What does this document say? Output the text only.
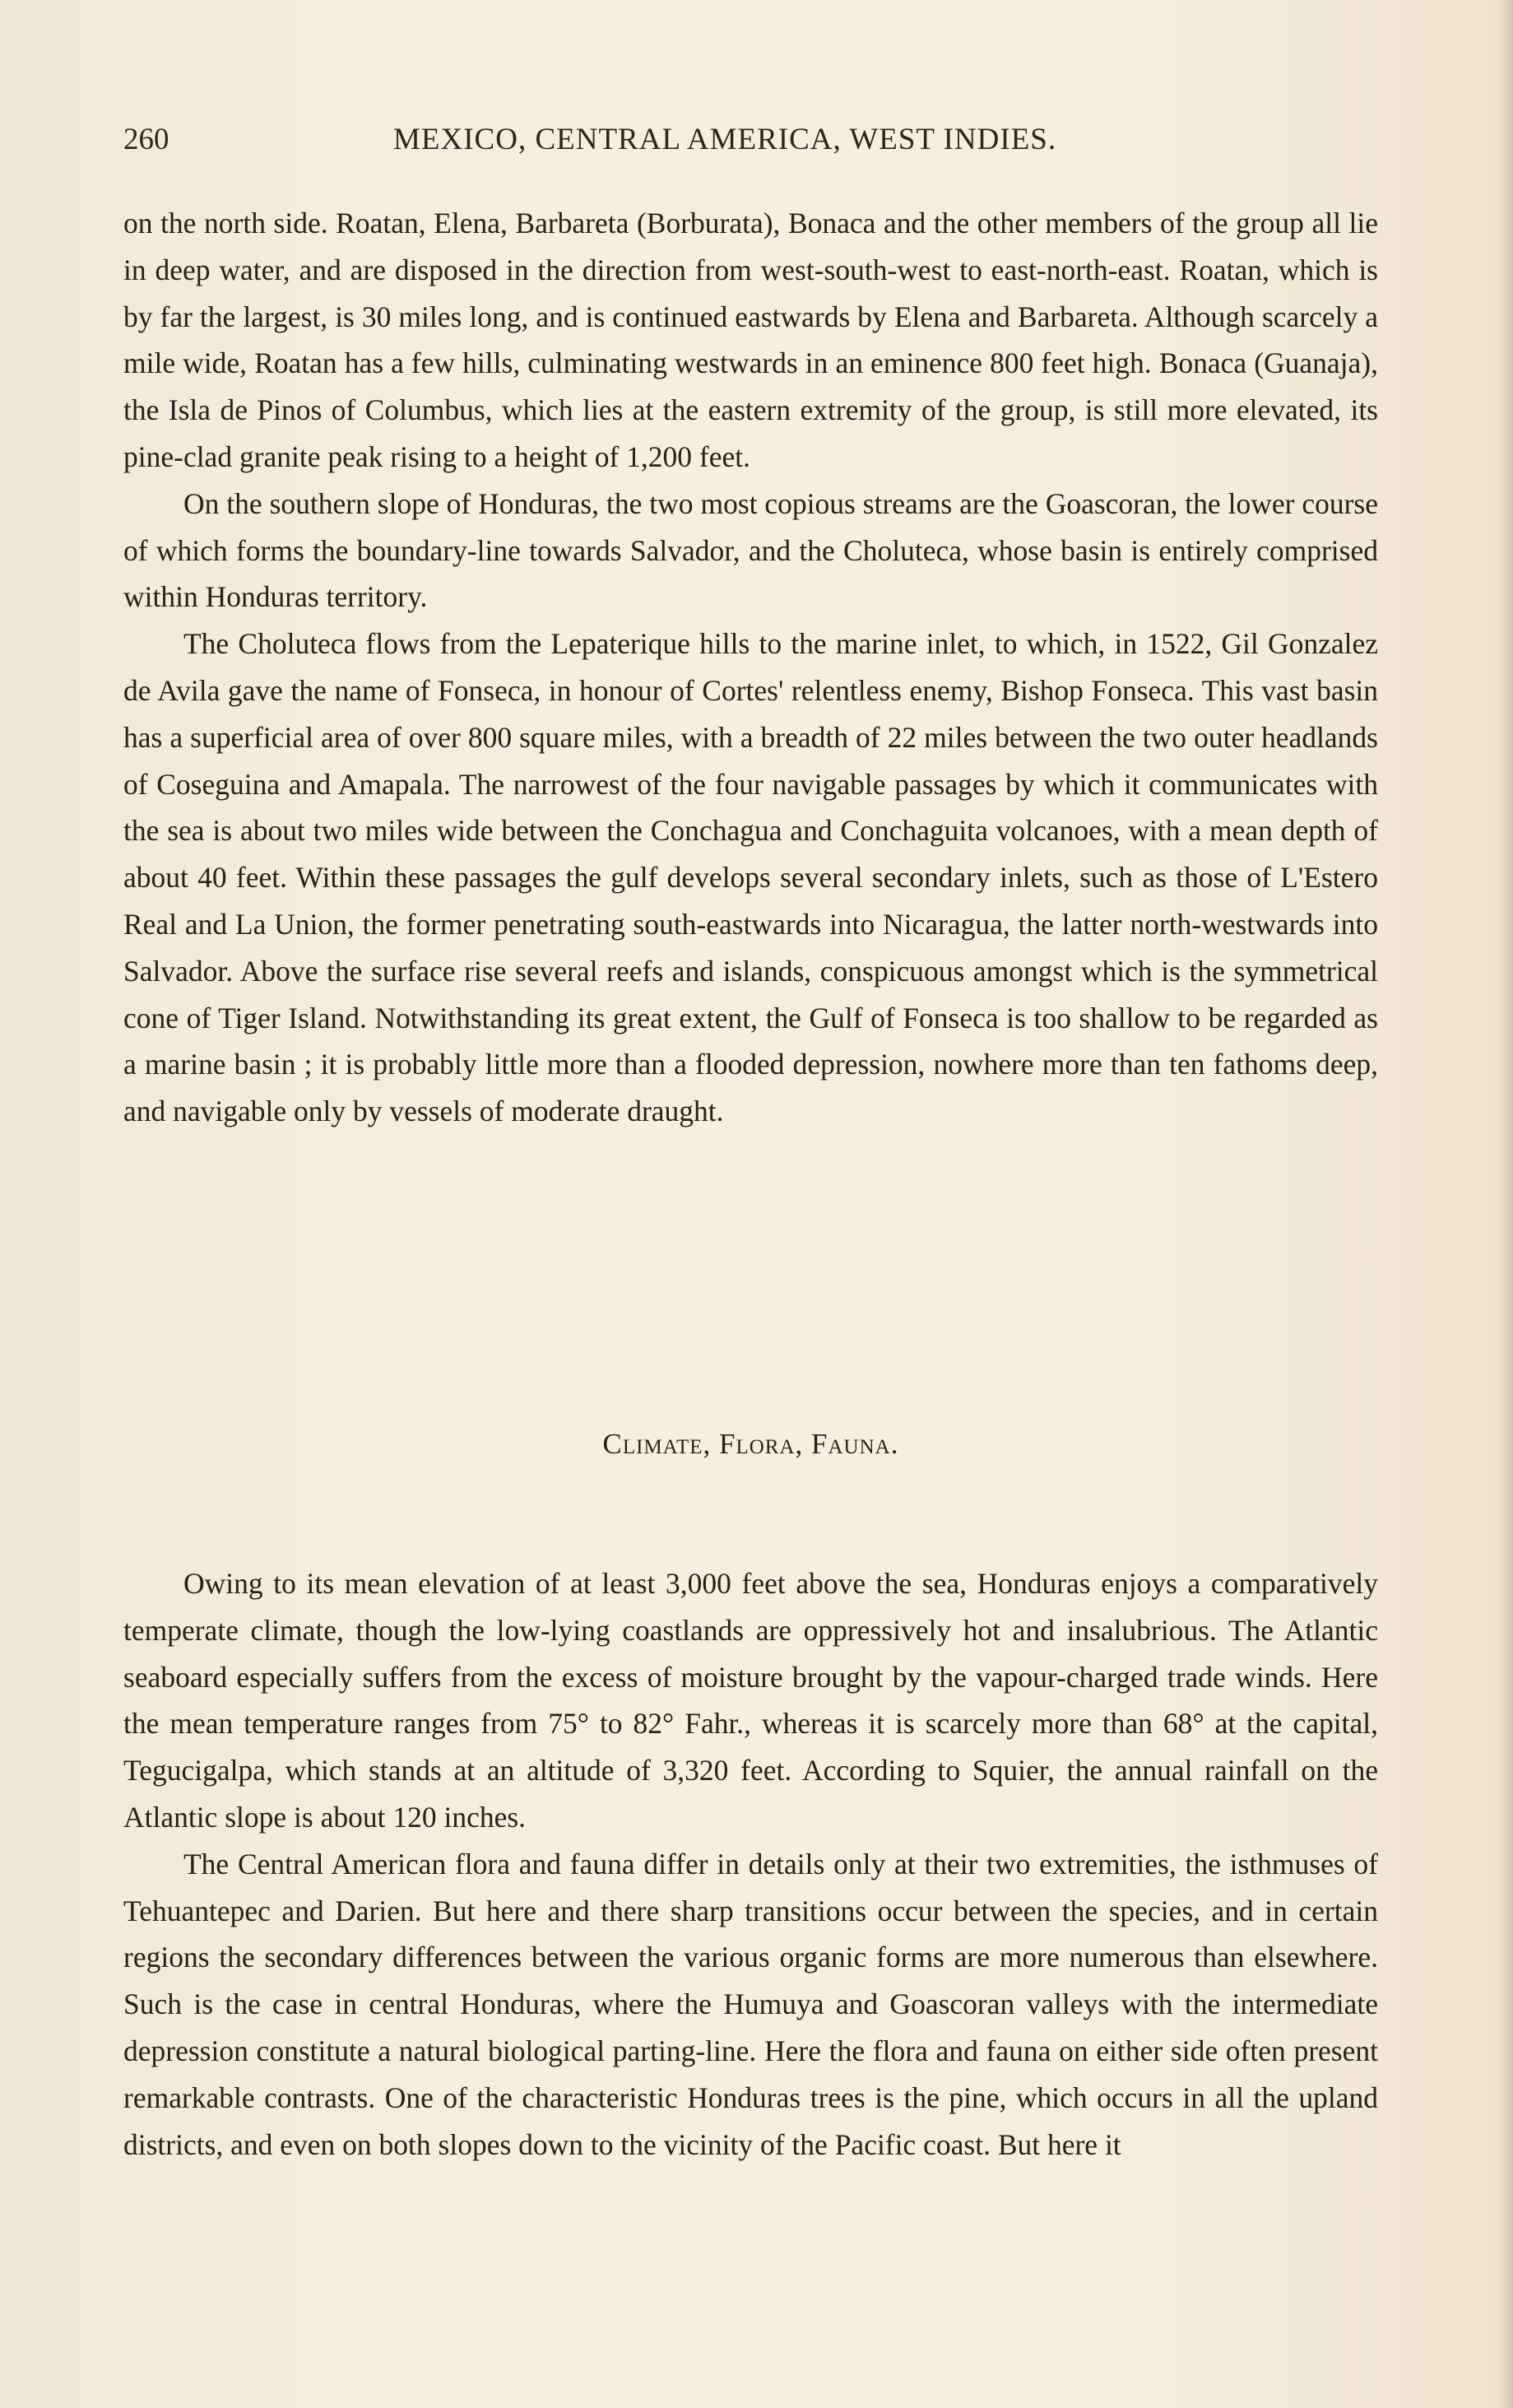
260	MEXICO, CENTRAL AMERICA, WEST INDIES.

on the north side. Roatan, Elena, Barbareta (Borburata), Bonaca and the other members of the group all lie in deep water, and are disposed in the direction from west-south-west to east-north-east. Roatan, which is by far the largest, is 30 miles long, and is continued eastwards by Elena and Barbareta. Although scarcely a mile wide, Roatan has a few hills, culminating westwards in an eminence 800 feet high. Bonaca (Guanaja), the Isla de Pinos of Columbus, which lies at the eastern extremity of the group, is still more elevated, its pine-clad granite peak rising to a height of 1,200 feet.

On the southern slope of Honduras, the two most copious streams are the Goascoran, the lower course of which forms the boundary-line towards Salvador, and the Choluteca, whose basin is entirely comprised within Honduras territory.

The Choluteca flows from the Lepaterique hills to the marine inlet, to which, in 1522, Gil Gonzalez de Avila gave the name of Fonseca, in honour of Cortes' relentless enemy, Bishop Fonseca. This vast basin has a superficial area of over 800 square miles, with a breadth of 22 miles between the two outer headlands of Coseguina and Amapala. The narrowest of the four navigable passages by which it communicates with the sea is about two miles wide between the Conchagua and Conchaguita volcanoes, with a mean depth of about 40 feet. Within these passages the gulf develops several secondary inlets, such as those of L'Estero Real and La Union, the former penetrating south-eastwards into Nicaragua, the latter north-westwards into Salvador. Above the surface rise several reefs and islands, conspicuous amongst which is the symmetrical cone of Tiger Island. Notwithstanding its great extent, the Gulf of Fonseca is too shallow to be regarded as a marine basin ; it is probably little more than a flooded depression, nowhere more than ten fathoms deep, and navigable only by vessels of moderate draught.

Climate, Flora, Fauna.

Owing to its mean elevation of at least 3,000 feet above the sea, Honduras enjoys a comparatively temperate climate, though the low-lying coastlands are oppressively hot and insalubrious. The Atlantic seaboard especially suffers from the excess of moisture brought by the vapour-charged trade winds. Here the mean temperature ranges from 75° to 82° Fahr., whereas it is scarcely more than 68° at the capital, Tegucigalpa, which stands at an altitude of 3,320 feet. According to Squier, the annual rainfall on the Atlantic slope is about 120 inches.

The Central American flora and fauna differ in details only at their two extremities, the isthmuses of Tehuantepec and Darien. But here and there sharp transitions occur between the species, and in certain regions the secondary differences between the various organic forms are more numerous than elsewhere. Such is the case in central Honduras, where the Humuya and Goascoran valleys with the intermediate depression constitute a natural biological parting-line. Here the flora and fauna on either side often present remarkable contrasts. One of the characteristic Honduras trees is the pine, which occurs in all the upland districts, and even on both slopes down to the vicinity of the Pacific coast. But here it
